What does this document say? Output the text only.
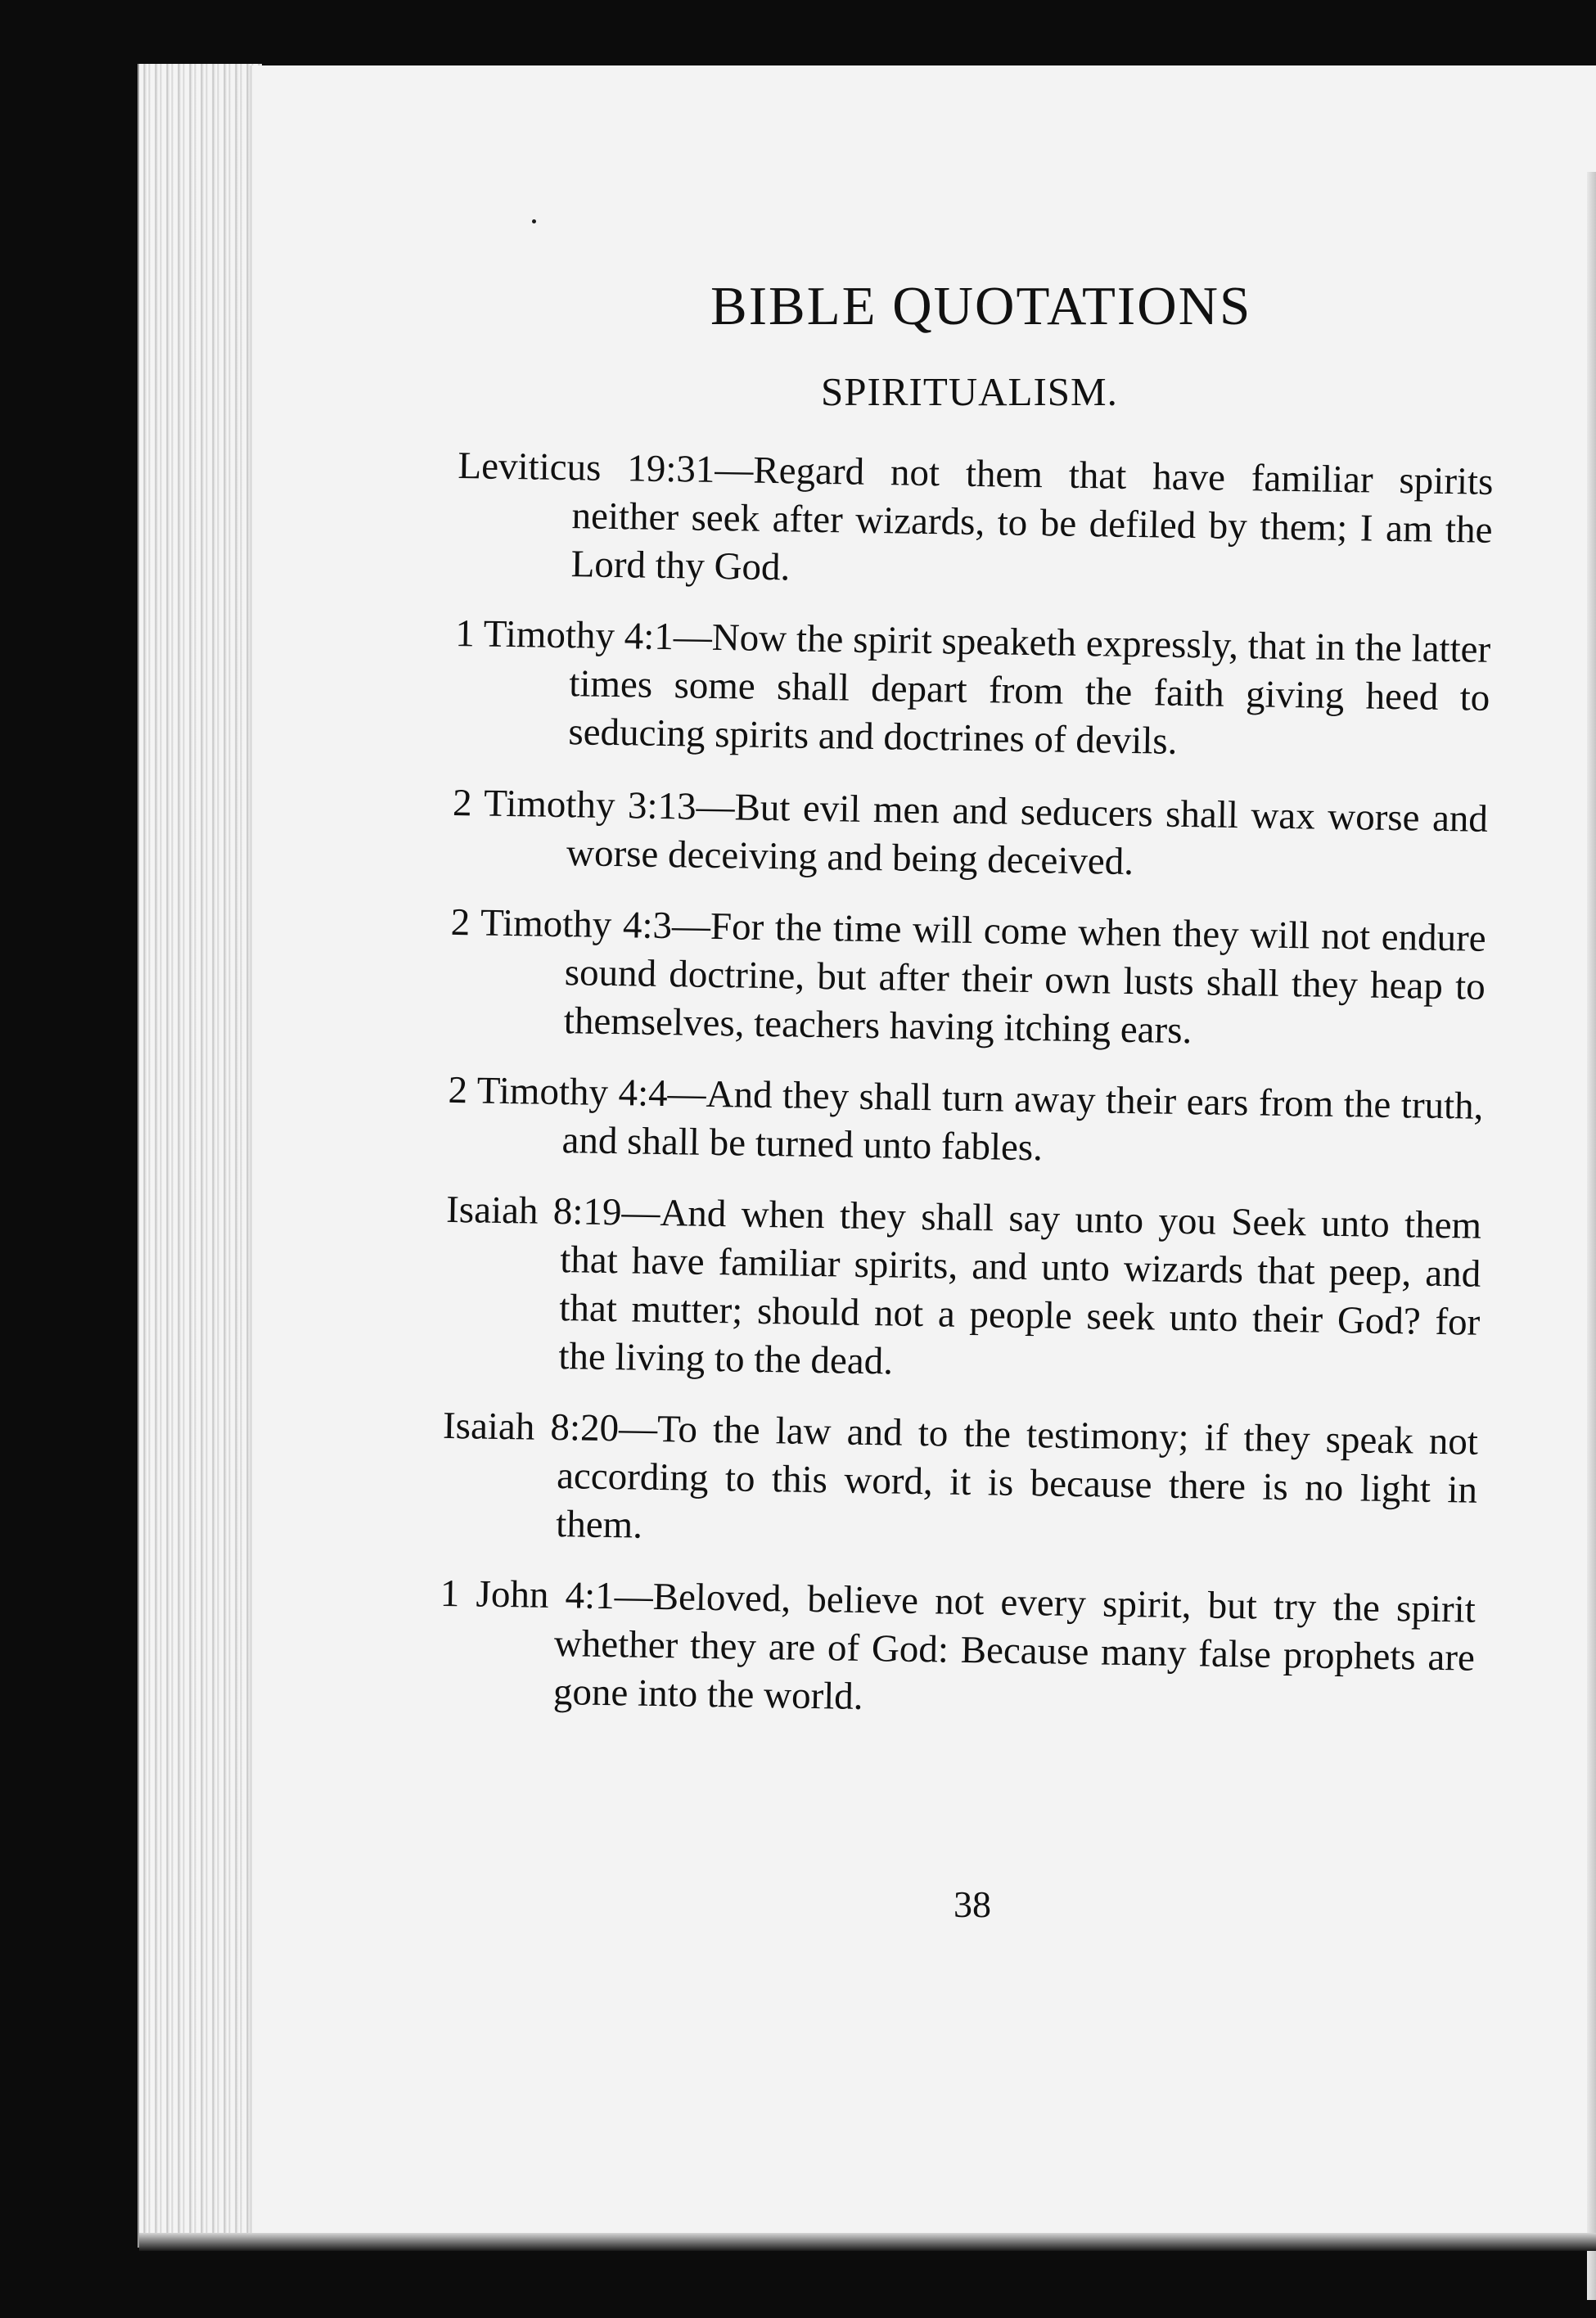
BIBLE QUOTATIONS
SPIRITUALISM.

Leviticus 19:31—Regard not them that have familiar spirits neither seek after wizards, to be defiled by them; I am the Lord thy God.

1 Timothy 4:1—Now the spirit speaketh expressly, that in the latter times some shall depart from the faith giving heed to seducing spirits and doctrines of devils.

2 Timothy 3:13—But evil men and seducers shall wax worse and worse deceiving and being deceived.

2 Timothy 4:3—For the time will come when they will not endure sound doctrine, but after their own lusts shall they heap to themselves, teachers having itching ears.

2 Timothy 4:4—And they shall turn away their ears from the truth, and shall be turned unto fables.

Isaiah 8:19—And when they shall say unto you Seek unto them that have familiar spirits, and unto wizards that peep, and that mutter; should not a people seek unto their God? for the living to the dead.

Isaiah 8:20—To the law and to the testimony; if they speak not according to this word, it is because there is no light in them.

1 John 4:1—Beloved, believe not every spirit, but try the spirit whether they are of God: Because many false prophets are gone into the world.

38
